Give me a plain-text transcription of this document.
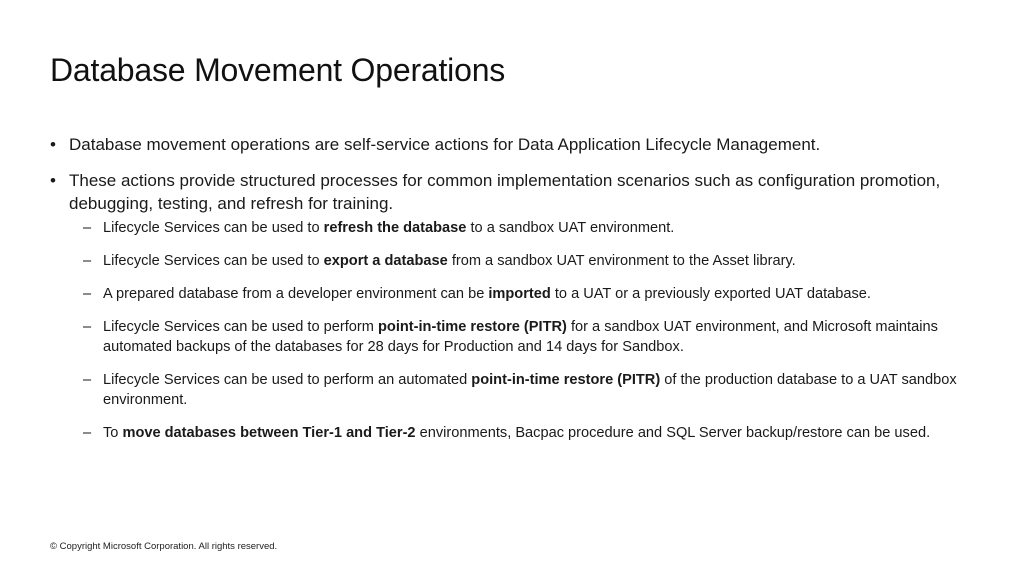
Database Movement Operations
• Database movement operations are self-service actions for Data Application Lifecycle Management.
• These actions provide structured processes for common implementation scenarios such as configuration promotion, debugging, testing, and refresh for training.
– Lifecycle Services can be used to refresh the database to a sandbox UAT environment.
– Lifecycle Services can be used to export a database from a sandbox UAT environment to the Asset library.
– A prepared database from a developer environment can be imported to a UAT or a previously exported UAT database.
– Lifecycle Services can be used to perform point-in-time restore (PITR) for a sandbox UAT environment, and Microsoft maintains automated backups of the databases for 28 days for Production and 14 days for Sandbox.
– Lifecycle Services can be used to perform an automated point-in-time restore (PITR) of the production database to a UAT sandbox environment.
– To move databases between Tier-1 and Tier-2 environments, Bacpac procedure and SQL Server backup/restore can be used.
© Copyright Microsoft Corporation. All rights reserved.
